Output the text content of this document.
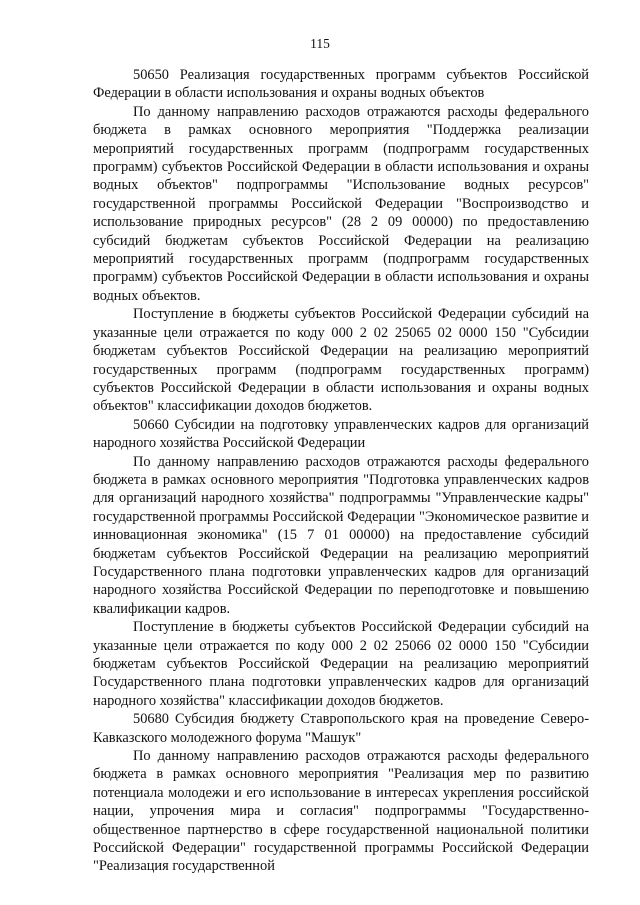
115

50650 Реализация государственных программ субъектов Российской Федерации в области использования и охраны водных объектов

По данному направлению расходов отражаются расходы федерального бюджета в рамках основного мероприятия "Поддержка реализации мероприятий государственных программ (подпрограмм государственных программ) субъектов Российской Федерации в области использования и охраны водных объектов" подпрограммы "Использование водных ресурсов" государственной программы Российской Федерации "Воспроизводство и использование природных ресурсов" (28 2 09 00000) по предоставлению субсидий бюджетам субъектов Российской Федерации на реализацию мероприятий государственных программ (подпрограмм государственных программ) субъектов Российской Федерации в области использования и охраны водных объектов.

Поступление в бюджеты субъектов Российской Федерации субсидий на указанные цели отражается по коду 000 2 02 25065 02 0000 150 "Субсидии бюджетам субъектов Российской Федерации на реализацию мероприятий государственных программ (подпрограмм государственных программ) субъектов Российской Федерации в области использования и охраны водных объектов" классификации доходов бюджетов.

50660 Субсидии на подготовку управленческих кадров для организаций народного хозяйства Российской Федерации

По данному направлению расходов отражаются расходы федерального бюджета в рамках основного мероприятия "Подготовка управленческих кадров для организаций народного хозяйства" подпрограммы "Управленческие кадры" государственной программы Российской Федерации "Экономическое развитие и инновационная экономика" (15 7 01 00000) на предоставление субсидий бюджетам субъектов Российской Федерации на реализацию мероприятий Государственного плана подготовки управленческих кадров для организаций народного хозяйства Российской Федерации по переподготовке и повышению квалификации кадров.

Поступление в бюджеты субъектов Российской Федерации субсидий на указанные цели отражается по коду 000 2 02 25066 02 0000 150 "Субсидии бюджетам субъектов Российской Федерации на реализацию мероприятий Государственного плана подготовки управленческих кадров для организаций народного хозяйства" классификации доходов бюджетов.

50680 Субсидия бюджету Ставропольского края на проведение Северо-Кавказского молодежного форума "Машук"

По данному направлению расходов отражаются расходы федерального бюджета в рамках основного мероприятия "Реализация мер по развитию потенциала молодежи и его использование в интересах укрепления российской нации, упрочения мира и согласия" подпрограммы "Государственно-общественное партнерство в сфере государственной национальной политики Российской Федерации" государственной программы Российской Федерации "Реализация государственной
